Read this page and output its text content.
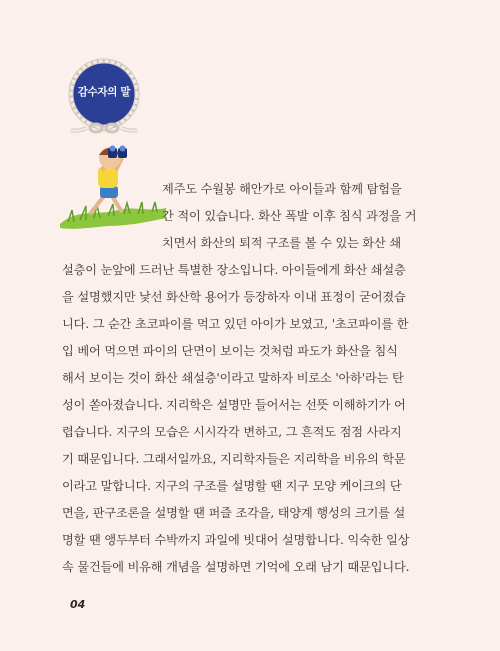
감수자의 말
제주도 수월봉 해안가로 아이들과 함께 탐험을
간 적이 있습니다. 화산 폭발 이후 침식 과정을 거
치면서 화산의 퇴적 구조를 볼 수 있는 화산 쇄
설층이 눈앞에 드러난 특별한 장소입니다. 아이들에게 화산 쇄설층
을 설명했지만 낯선 화산학 용어가 등장하자 이내 표정이 굳어졌습
니다. 그 순간 초코파이를 먹고 있던 아이가 보였고, '초코파이를 한
입 베어 먹으면 파이의 단면이 보이는 것처럼 파도가 화산을 침식
해서 보이는 것이 화산 쇄설층'이라고 말하자 비로소 '아하'라는 탄
성이 쏟아졌습니다. 지리학은 설명만 들어서는 선뜻 이해하기가 어
렵습니다. 지구의 모습은 시시각각 변하고, 그 흔적도 점점 사라지
기 때문입니다. 그래서일까요, 지리학자들은 지리학을 비유의 학문
이라고 말합니다. 지구의 구조를 설명할 땐 지구 모양 케이크의 단
면을, 판구조론을 설명할 땐 퍼즐 조각을, 태양계 행성의 크기를 설
명할 땐 앵두부터 수박까지 과일에 빗대어 설명합니다. 익숙한 일상
속 물건들에 비유해 개념을 설명하면 기억에 오래 남기 때문입니다.
04
